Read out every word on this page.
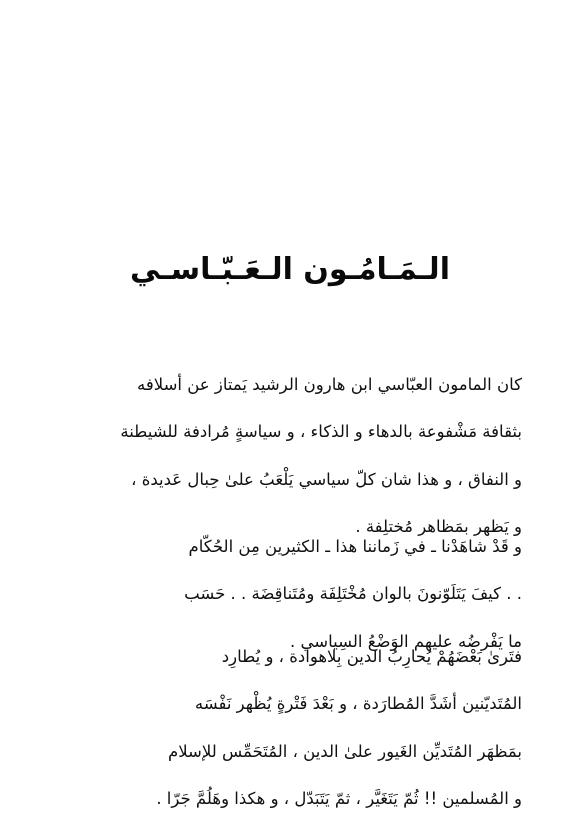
الـمَـامُـون الـعَـبّـاسـي

كان المامون العبّاسي ابن هارون الرشيد يَمتاز عن أسلافه

بثقافة مَشْفوعة بالدهاء و الذكاء ، و سياسةٍ مُرادفة للشيطنة

و النفاق ، و هذا شان كلّ سياسي يَلْعَبُ علىٰ حِبال عَديدة ،

و يَظهر بمَظاهر مُختلِفة .

و قَدْ شاهَدْنا ـ في زَماننا هذا ـ الكثيرين مِن الحُكّام

. . كيفَ يَتَلَوّنونَ بالوان مُخْتَلِفَة ومُتَناقِضَة . . حَسَب

ما يَفْرضُه عليهم الوَضْعُ السِياسي .

فتَرىٰ بَعْضَهُمْ يُحارِبُ الدين بِلاهوادة ، و يُطارِد

المُتَديّنين أشَدَّ المُطارَدة ، و بَعْدَ فَتْرةٍ يُظْهر نَفْسَه

بمَظهَر المُتَديِّن الغَيور علىٰ الدين ، المُتَحَمِّس للإسلام

و المُسلمين !! ثُمّ يَتَغَيَّر ، ثمّ يَتَبَدّل ، و هكذا وهَلُمَّ جَرّا .
